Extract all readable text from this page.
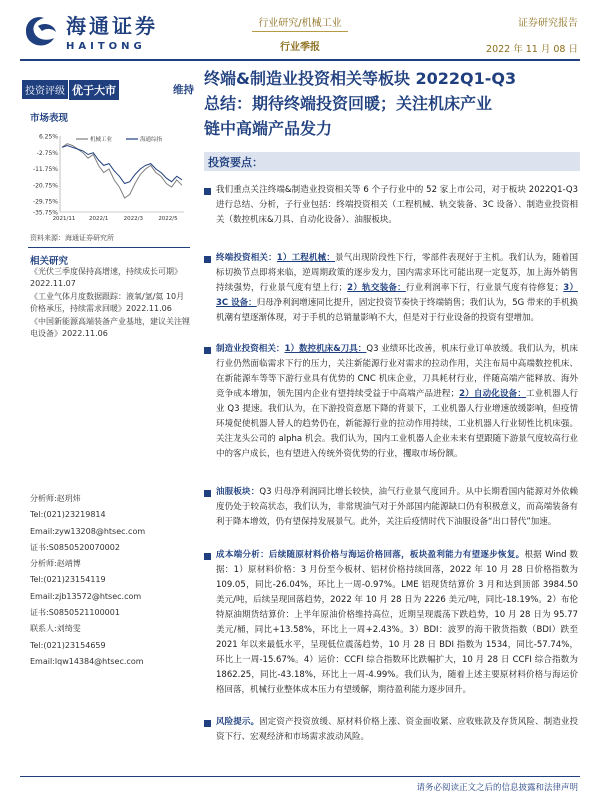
海通证券
HAITONG
行业研究/机械工业
行业季报
证券研究报告
2022 年 11 月 08 日
投资评级 优于大市	维持
市场表现
6.25%
-2.75%
-11.75%
-20.75%
-29.75%
-35.75%
2021/11 2022/1	2022/3	2022/5
机械工业	海通综指
资料来源：海通证券研究所
相关研究
《光伏三季度保持高增速，持续成长可期》2022.11.07
《工业气体月度数据跟踪：液氧/氩/氦 10月价格承压，持续需求回暖》2022.11.06
《中国新能源高端装备产业基地，建议关注锂电设备》2022.11.06
分析师:赵玥炜
Tel:(021)23219814
Email:zyw13208@htsec.com
证书:S0850520070002
分析师:赵靖博
Tel:(021)23154119
Email:zjb13572@htsec.com
证书:S0850521100001
联系人:刘绮雯
Tel:(021)23154659
Email:lqw14384@htsec.com
终端&制造业投资相关等板块 2022Q1-Q3
总结：期待终端投资回暖；关注机床产业
链中高端产品发力
投资要点：
我们重点关注终端&制造业投资相关等 6 个子行业中的 52 家上市公司，对于板块 2022Q1-Q3 进行总结、分析，子行业包括：终端投资相关（工程机械、轨交装备、3C 设备）、制造业投资相关（数控机床&刀具、自动化设备）、油服板块。
终端投资相关：1）工程机械：景气出现阶段性下行，零部件表现好于主机。我们认为，随着国标切换节点即将来临，逆周期政策的逐步发力，国内需求环比可能出现一定复苏，加上海外销售持续强势，行业景气度有望上行；2）轨交装备：行业利润率下行，行业景气度有待修复；3）3C 设备：归母净利润增速同比提升，固定投资节奏快于终端销售；我们认为，5G 带来的手机换机潮有望逐渐体现，对于手机的总销量影响不大，但是对于行业设备的投资有望增加。
制造业投资相关：1）数控机床&刀具：Q3 业绩环比改善，机床行业订单放缓。我们认为，机床行业仍然面临需求下行的压力，关注新能源行业对需求的拉动作用，关注布局中高端数控机床、在新能源车等等下游行业具有优势的 CNC 机床企业，刀具耗材行业，伴随高端产能释放、海外竞争成本增加，领先国内企业有望持续受益于中高端产品进程；2）自动化设备：工业机器人行业 Q3 提速。我们认为，在下游投资意愿下降的背景下，工业机器人行业增速放缓影响，但疫情环境促使机器人替人的趋势仍在，新能源行业的拉动作用持续，工业机器人行业韧性比机床强。关注龙头公司的 alpha 机会。我们认为，国内工业机器人企业未来有望跟随下游景气度较高行业中的客户成长，也有望进入传统外资优势的行业，攫取市场份额。
油服板块：Q3 归母净利润同比增长较快，油气行业景气度回升。从中长期看国内能源对外依赖度仍处于较高状态，我们认为，非常规油气对于外部国内能源缺口仍有积极意义，而高端装备有利于降本增效，仍有望保持发展景气。此外，关注后疫情时代下油服设备“出口替代”加速。
成本端分析：后续随原材料价格与海运价格回落，板块盈利能力有望逐步恢复。根据 Wind 数据：1）原材料价格：3 月份至今板材、铝材价格持续回落，2022 年 10 月 28 日价格指数为 109.05，同比-26.04%，环比上一周-0.97%。LME 铝现货结算价 3 月和达到顶部 3984.50 美元/吨，后续呈现回落趋势，2022 年 10 月 28 日为 2226 美元/吨，同比-18.19%。2）布伦特原油期货结算价：上半年原油价格维持高位，近期呈现震荡下跌趋势，10 月 28 日为 95.77 美元/桶，同比+13.58%，环比上一周+2.43%。3）BDI：波罗的海干散货指数（BDI）跌至 2021 年以来最低水平，呈现低位震荡趋势，10 月 28 日 BDI 指数为 1534，同比-57.74%，环比上一周-15.67%。4）运价：CCFI 综合指数环比跌幅扩大，10 月 28 日 CCFI 综合指数为 1862.25，同比-43.18%，环比上一周-4.99%。我们认为，随着上述主要原材料价格与海运价格回落，机械行业整体成本压力有望缓解，期待盈利能力逐步回升。
风险提示。固定资产投资放缓、原材料价格上涨、资金面收紧、应收账款及存货风险、制造业投资下行、宏观经济和市场需求波动风险。
请务必阅读正文之后的信息披露和法律声明
